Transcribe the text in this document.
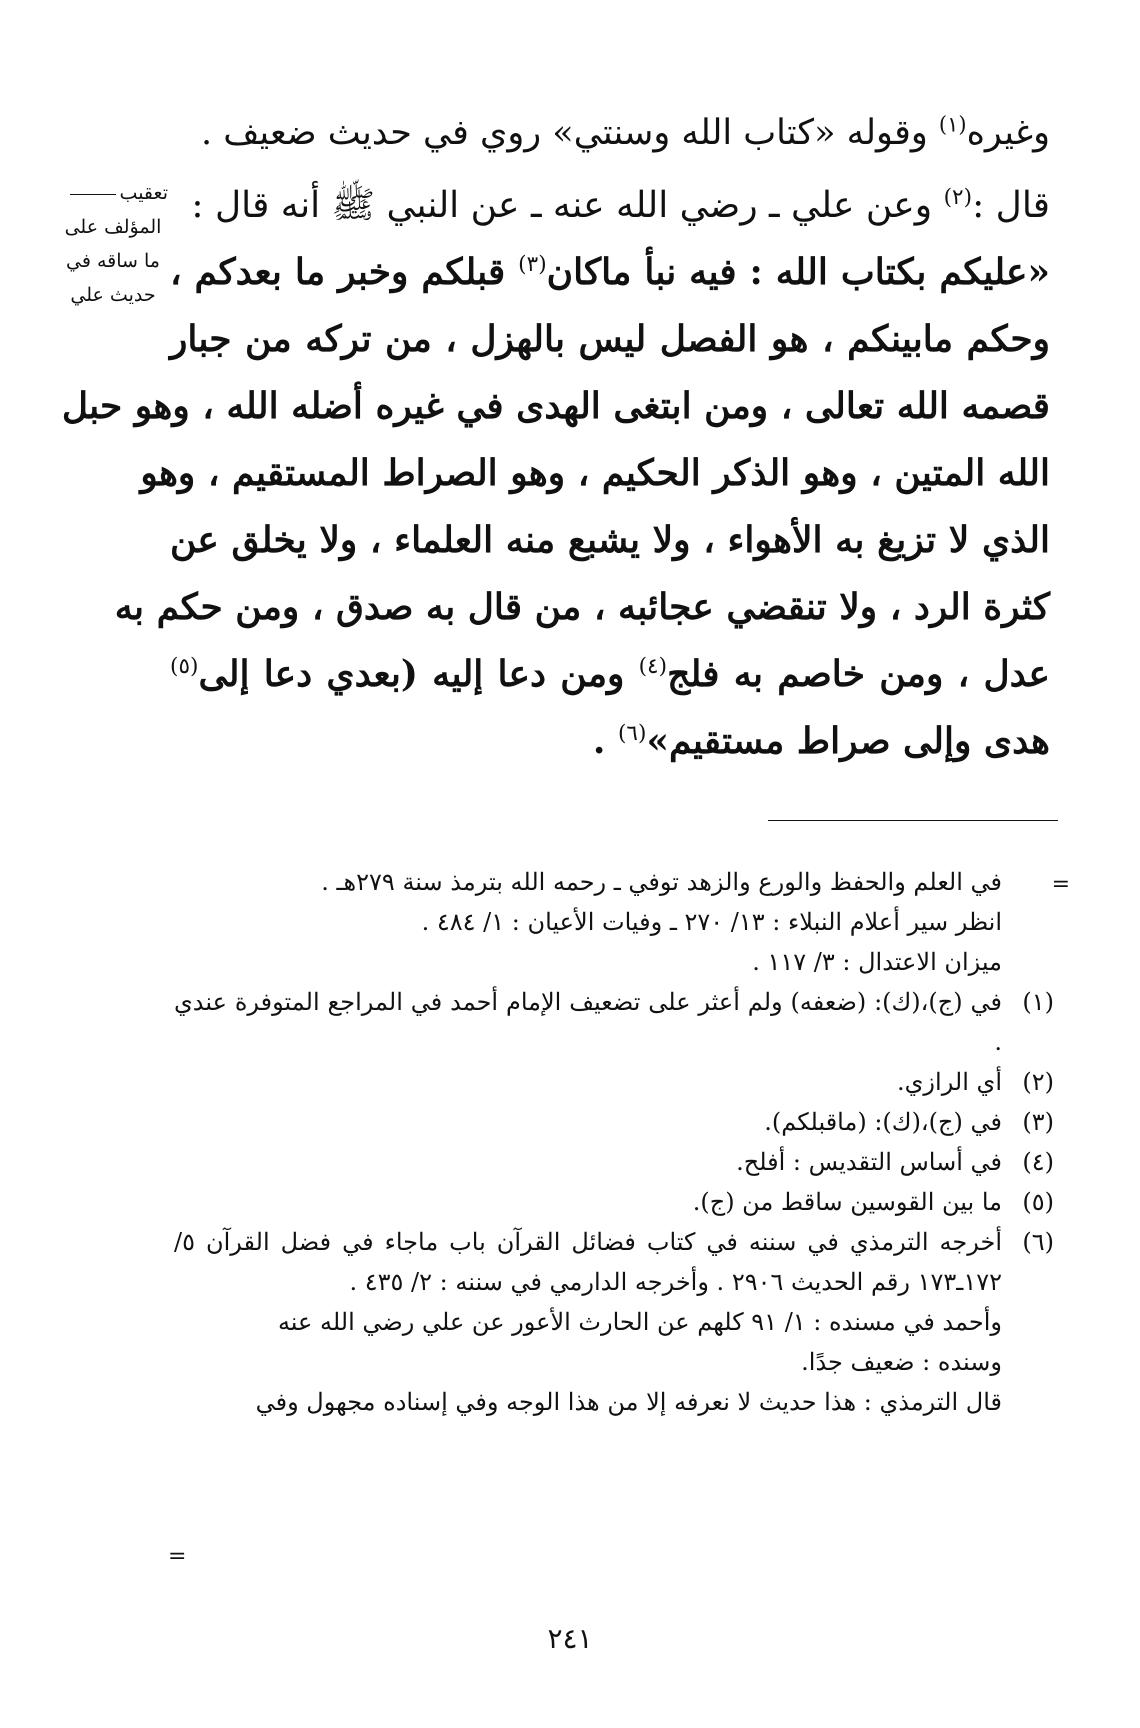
وغيره$^{(١)}$ وقوله «كتاب الله وسنتي» روي في حديث ضعيف .
قال :$^{(٢)}$ وعن علي ـ رضي الله عنه ـ عن النبي ﷺ أنه قال :
«عليكم بكتاب الله : فيه نبأ ماكان$^{(٣)}$ قبلكم وخبر ما بعدكم ،
وحكم مابينكم ، هو الفصل ليس بالهزل ، من تركه من جبار
قصمه الله تعالى ، ومن ابتغى الهدى في غيره أضله الله ، وهو حبل
الله المتين ، وهو الذكر الحكيم ، وهو الصراط المستقيم ، وهو
الذي لا تزيغ به الأهواء ، ولا يشبع منه العلماء ، ولا يخلق عن
كثرة الرد ، ولا تنقضي عجائبه ، من قال به صدق ، ومن حكم به
عدل ، ومن خاصم به فلج$^{(٤)}$ ومن دعا إليه (بعدي دعا إلى$^{(٥)}$
هدى وإلى صراط مستقيم»$^{(٦)}$ .
تعقيب
المؤلف على
ما ساقه في
حديث علي
=
في العلم والحفظ والورع والزهد توفي ـ رحمه الله بترمذ سنة ٢٧٩هـ .
انظر سير أعلام النبلاء : ١٣/ ٢٧٠ ـ وفيات الأعيان : ١/ ٤٨٤ .
ميزان الاعتدال : ٣/ ١١٧ .
(١)
في (ج)،(ك): (ضعفه) ولم أعثر على تضعيف الإمام أحمد في المراجع المتوفرة عندي .
(٢)
أي الرازي.
(٣)
في (ج)،(ك): (ماقبلكم).
(٤)
في أساس التقديس : أفلح.
(٥)
ما بين القوسين ساقط من (ج).
(٦)
أخرجه الترمذي في سننه في كتاب فضائل القرآن باب ماجاء في فضل القرآن ٥/ ١٧٢ـ١٧٣ رقم الحديث ٢٩٠٦ . وأخرجه الدارمي في سننه : ٢/ ٤٣٥ .
وأحمد في مسنده : ١/ ٩١ كلهم عن الحارث الأعور عن علي رضي الله عنه
وسنده : ضعيف جدًا.
قال الترمذي : هذا حديث لا نعرفه إلا من هذا الوجه وفي إسناده مجهول وفي
=
٢٤١
